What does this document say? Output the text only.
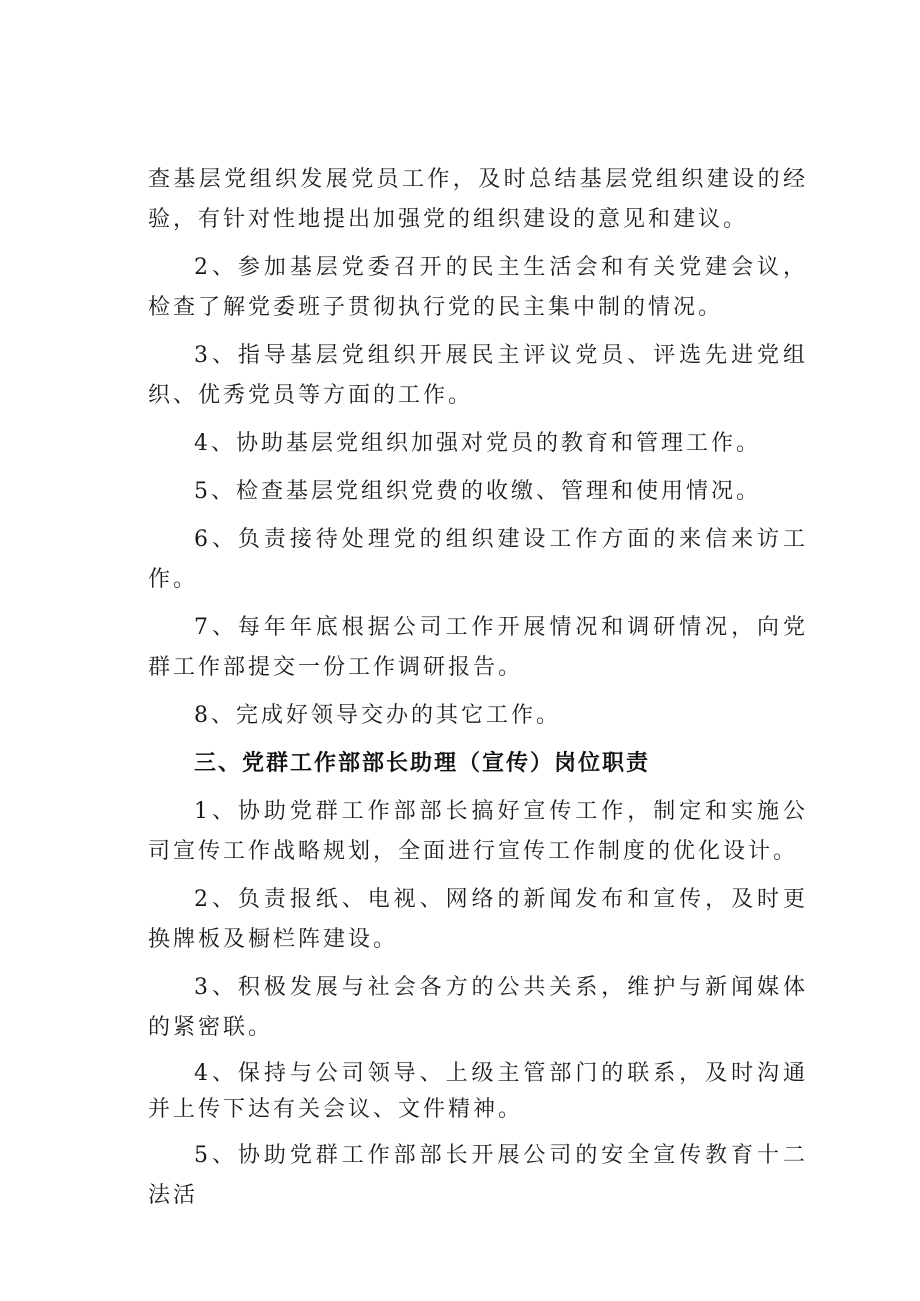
查基层党组织发展党员工作，及时总结基层党组织建设的经验，有针对性地提出加强党的组织建设的意见和建议。

2、参加基层党委召开的民主生活会和有关党建会议，检查了解党委班子贯彻执行党的民主集中制的情况。

3、指导基层党组织开展民主评议党员、评选先进党组织、优秀党员等方面的工作。

4、协助基层党组织加强对党员的教育和管理工作。

5、检查基层党组织党费的收缴、管理和使用情况。

6、负责接待处理党的组织建设工作方面的来信来访工作。

7、每年年底根据公司工作开展情况和调研情况，向党群工作部提交一份工作调研报告。

8、完成好领导交办的其它工作。

三、党群工作部部长助理（宣传）岗位职责

1、协助党群工作部部长搞好宣传工作，制定和实施公司宣传工作战略规划，全面进行宣传工作制度的优化设计。

2、负责报纸、电视、网络的新闻发布和宣传，及时更换牌板及橱栏阵建设。

3、积极发展与社会各方的公共关系，维护与新闻媒体的紧密联。

4、保持与公司领导、上级主管部门的联系，及时沟通并上传下达有关会议、文件精神。

5、协助党群工作部部长开展公司的安全宣传教育十二法活
